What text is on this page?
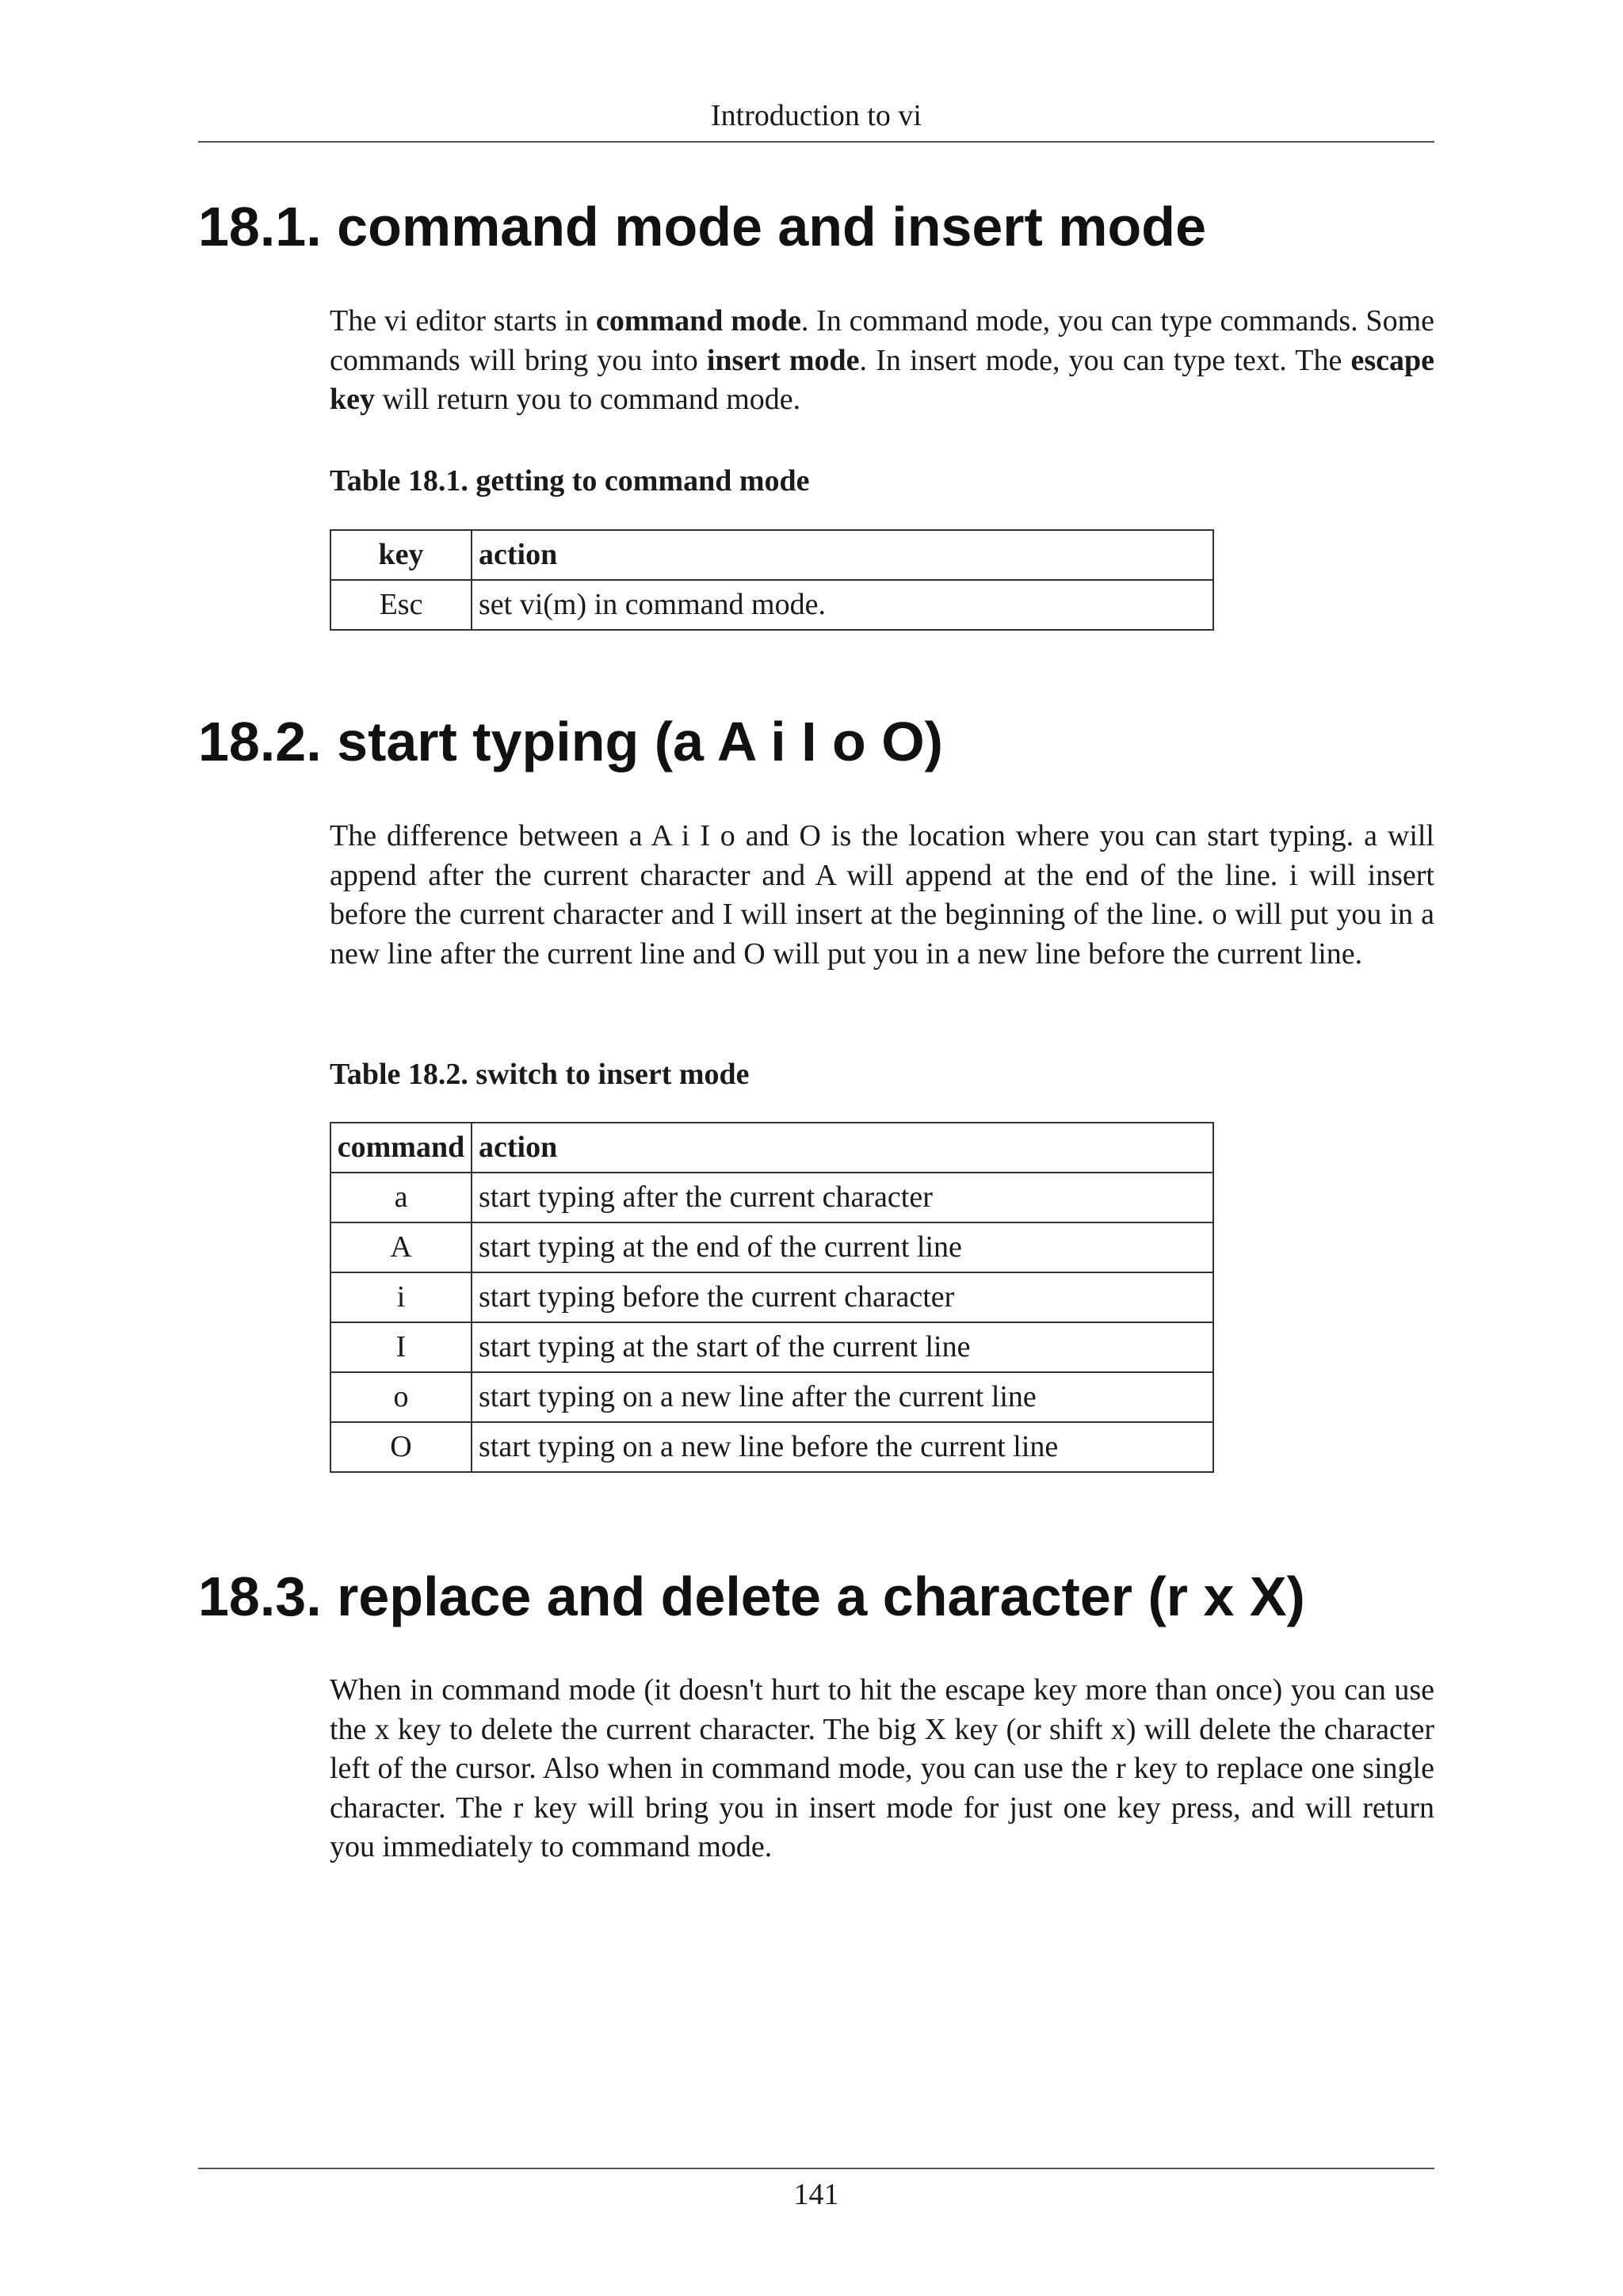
Introduction to vi
18.1. command mode and insert mode

The vi editor starts in command mode. In command mode, you can type commands. Some commands will bring you into insert mode. In insert mode, you can type text. The escape key will return you to command mode.

Table 18.1. getting to command mode

key	action
Esc	set vi(m) in command mode.
18.2. start typing (a A i I o O)

The difference between a A i I o and O is the location where you can start typing. a will append after the current character and A will append at the end of the line. i will insert before the current character and I will insert at the beginning of the line. o will put you in a new line after the current line and O will put you in a new line before the current line.

Table 18.2. switch to insert mode

command	action
a	start typing after the current character
A	start typing at the end of the current line
i	start typing before the current character
I	start typing at the start of the current line
o	start typing on a new line after the current line
O	start typing on a new line before the current line
18.3. replace and delete a character (r x X)

When in command mode (it doesn't hurt to hit the escape key more than once) you can use the x key to delete the current character. The big X key (or shift x) will delete the character left of the cursor. Also when in command mode, you can use the r key to replace one single character. The r key will bring you in insert mode for just one key press, and will return you immediately to command mode.

141
